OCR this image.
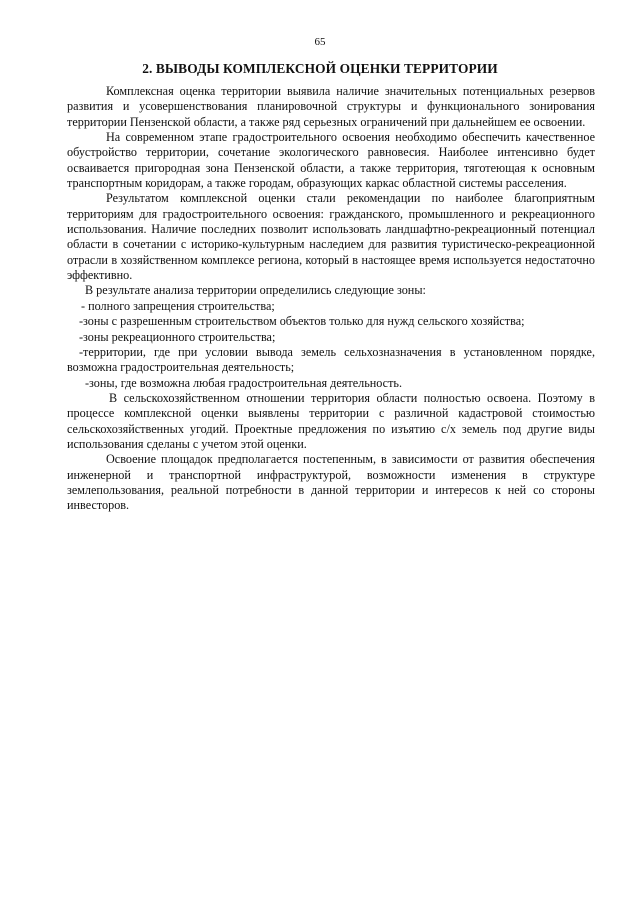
65
2. ВЫВОДЫ КОМПЛЕКСНОЙ ОЦЕНКИ ТЕРРИТОРИИ

Комплексная оценка территории выявила наличие значительных потенциальных резервов развития и усовершенствования планировочной структуры и функционального зонирования территории Пензенской области, а также ряд серьезных ограничений при дальнейшем ее освоении.

На современном этапе градостроительного освоения необходимо обеспечить качественное обустройство территории, сочетание экологического равновесия. Наиболее интенсивно будет осваивается пригородная зона Пензенской области, а также территория, тяготеющая к основным транспортным коридорам, а также городам, образующих каркас областной системы расселения.

Результатом комплексной оценки стали рекомендации по наиболее благоприятным территориям для градостроительного освоения: гражданского, промышленного и рекреационного использования. Наличие последних позволит использовать ландшафтно-рекреационный потенциал области в сочетании с историко-культурным наследием для развития туристическо-рекреационной отрасли в хозяйственном комплексе региона, который в настоящее время используется недостаточно эффективно.

В результате анализа территории определились следующие зоны:

- полного запрещения строительства;

-зоны с разрешенным строительством объектов только для нужд сельского хозяйства;

-зоны рекреационного строительства;

-территории, где при условии вывода земель сельхозназначения в установленном порядке, возможна градостроительная деятельность;

-зоны, где возможна любая градостроительная деятельность.

В сельскохозяйственном отношении территория области полностью освоена. Поэтому в процессе комплексной оценки выявлены территории с различной кадастровой стоимостью сельскохозяйственных угодий. Проектные предложения по изъятию с/х земель под другие виды использования сделаны с учетом этой оценки.

Освоение площадок предполагается постепенным, в зависимости от развития обеспечения инженерной и транспортной инфраструктурой, возможности изменения в структуре землепользования, реальной потребности в данной территории и интересов к ней со стороны инвесторов.
